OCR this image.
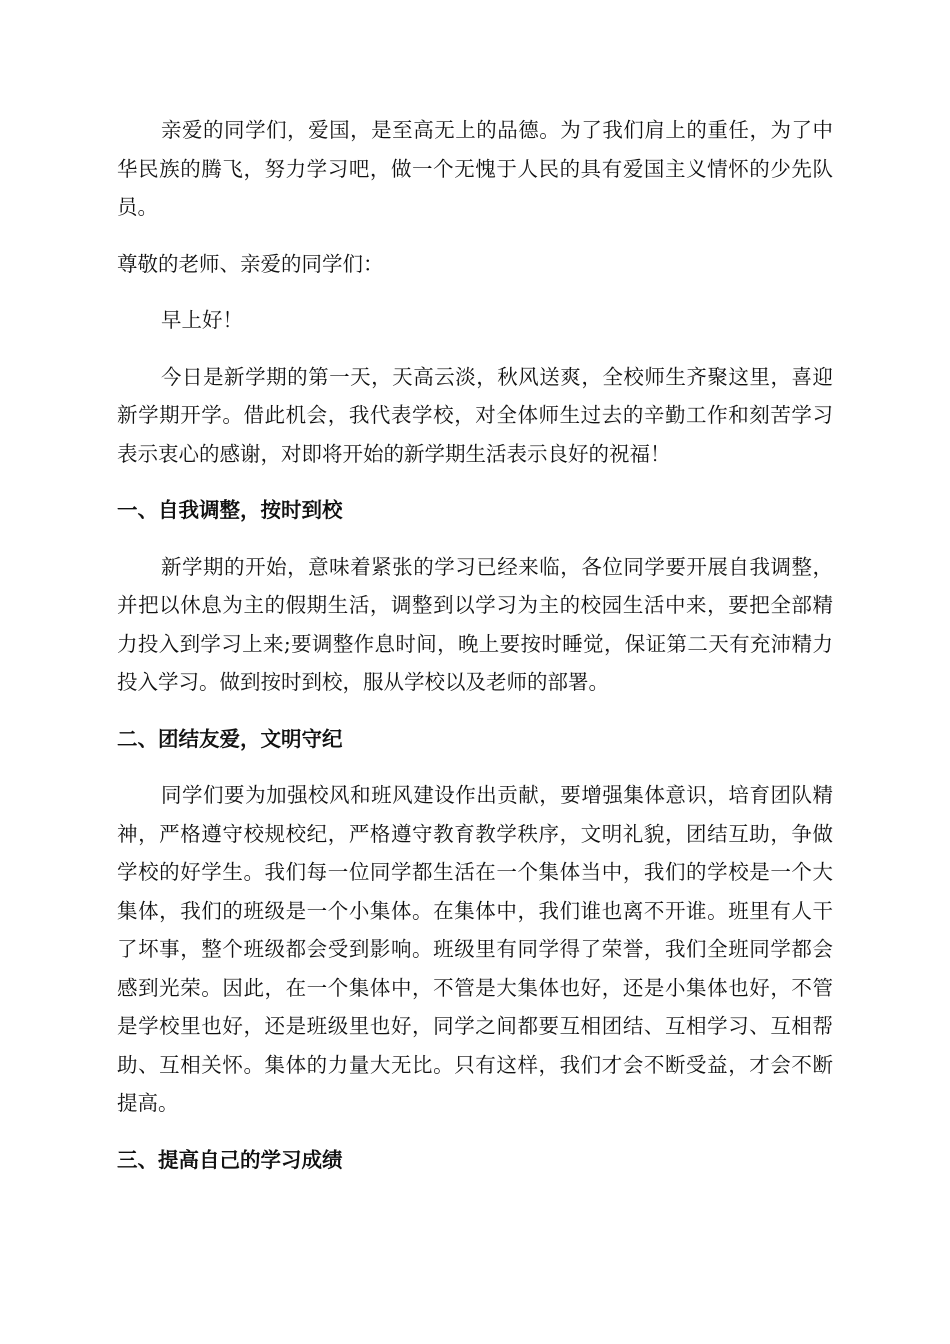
亲爱的同学们，爱国，是至高无上的品德。为了我们肩上的重任，为了中华民族的腾飞，努力学习吧，做一个无愧于人民的具有爱国主义情怀的少先队员。

尊敬的老师、亲爱的同学们：

早上好！

今日是新学期的第一天，天高云淡，秋风送爽，全校师生齐聚这里，喜迎新学期开学。借此机会，我代表学校，对全体师生过去的辛勤工作和刻苦学习表示衷心的感谢，对即将开始的新学期生活表示良好的祝福！

一、自我调整，按时到校

新学期的开始，意味着紧张的学习已经来临，各位同学要开展自我调整，并把以休息为主的假期生活，调整到以学习为主的校园生活中来，要把全部精力投入到学习上来;要调整作息时间，晚上要按时睡觉，保证第二天有充沛精力投入学习。做到按时到校，服从学校以及老师的部署。

二、团结友爱，文明守纪

同学们要为加强校风和班风建设作出贡献，要增强集体意识，培育团队精神，严格遵守校规校纪，严格遵守教育教学秩序，文明礼貌，团结互助，争做学校的好学生。我们每一位同学都生活在一个集体当中，我们的学校是一个大集体，我们的班级是一个小集体。在集体中，我们谁也离不开谁。班里有人干了坏事，整个班级都会受到影响。班级里有同学得了荣誉，我们全班同学都会感到光荣。因此，在一个集体中，不管是大集体也好，还是小集体也好，不管是学校里也好，还是班级里也好，同学之间都要互相团结、互相学习、互相帮助、互相关怀。集体的力量大无比。只有这样，我们才会不断受益，才会不断提高。

三、提高自己的学习成绩
